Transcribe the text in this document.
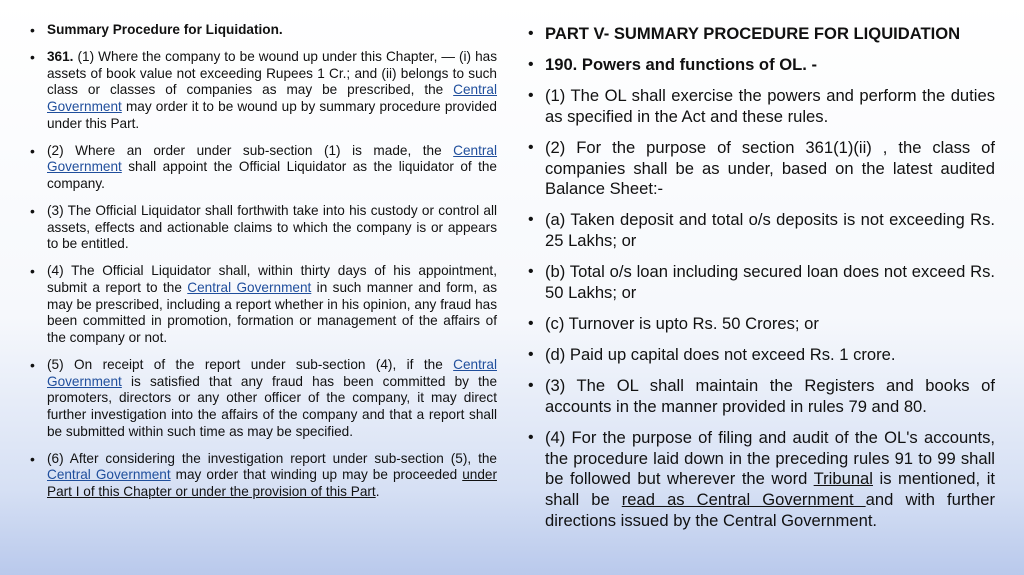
• Summary Procedure for Liquidation.
• 361. (1) Where the company to be wound up under this Chapter, — (i) has assets of book value not exceeding Rupees 1 Cr.; and (ii) belongs to such class or classes of companies as may be prescribed, the Central Government may order it to be wound up by summary procedure provided under this Part.
• (2) Where an order under sub-section (1) is made, the Central Government shall appoint the Official Liquidator as the liquidator of the company.
• (3) The Official Liquidator shall forthwith take into his custody or control all assets, effects and actionable claims to which the company is or appears to be entitled.
• (4) The Official Liquidator shall, within thirty days of his appointment, submit a report to the Central Government in such manner and form, as may be prescribed, including a report whether in his opinion, any fraud has been committed in promotion, formation or management of the affairs of the company or not.
• (5) On receipt of the report under sub-section (4), if the Central Government is satisfied that any fraud has been committed by the promoters, directors or any other officer of the company, it may direct further investigation into the affairs of the company and that a report shall be submitted within such time as may be specified.
• (6) After considering the investigation report under sub-section (5), the Central Government may order that winding up may be proceeded under Part I of this Chapter or under the provision of this Part.
• PART V- SUMMARY PROCEDURE FOR LIQUIDATION
• 190. Powers and functions of OL. -
• (1) The OL shall exercise the powers and perform the duties as specified in the Act and these rules.
• (2) For the purpose of section 361(1)(ii) , the class of companies shall be as under, based on the latest audited Balance Sheet:-
• (a) Taken deposit and total o/s deposits is not exceeding Rs. 25 Lakhs; or
• (b) Total o/s loan including secured loan does not exceed Rs. 50 Lakhs; or
• (c) Turnover is upto Rs. 50 Crores; or
• (d) Paid up capital does not exceed Rs. 1 crore.
• (3) The OL shall maintain the Registers and books of accounts in the manner provided in rules 79 and 80.
• (4) For the purpose of filing and audit of the OL's accounts, the procedure laid down in the preceding rules 91 to 99 shall be followed but wherever the word Tribunal is mentioned, it shall be read as Central Government and with further directions issued by the Central Government.
